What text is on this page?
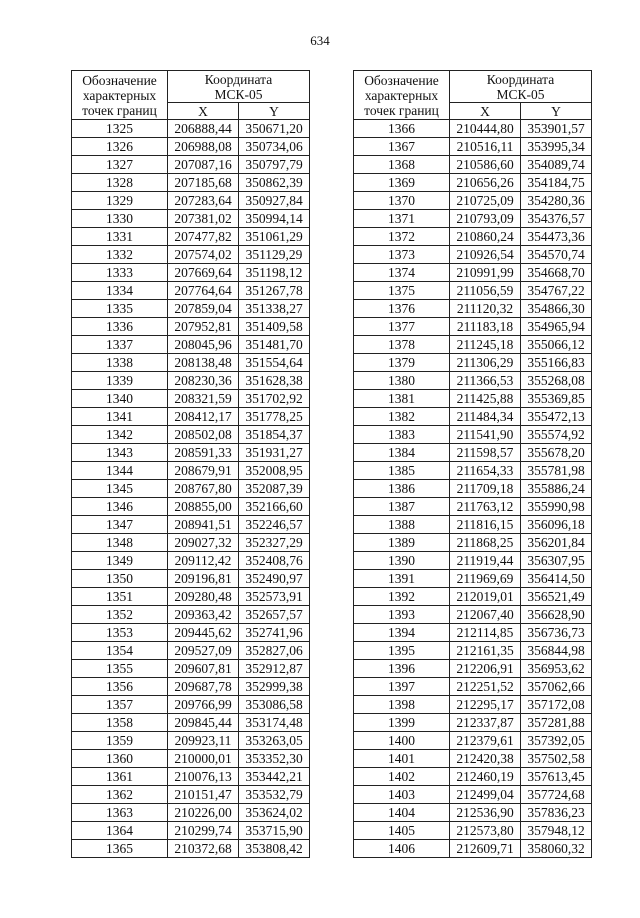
634
Обозначение
характерных
точек границ	Координата
МСК-05	
	X	Y
1325	206888,44	350671,20
1326	206988,08	350734,06
1327	207087,16	350797,79
1328	207185,68	350862,39
1329	207283,64	350927,84
1330	207381,02	350994,14
1331	207477,82	351061,29
1332	207574,02	351129,29
1333	207669,64	351198,12
1334	207764,64	351267,78
1335	207859,04	351338,27
1336	207952,81	351409,58
1337	208045,96	351481,70
1338	208138,48	351554,64
1339	208230,36	351628,38
1340	208321,59	351702,92
1341	208412,17	351778,25
1342	208502,08	351854,37
1343	208591,33	351931,27
1344	208679,91	352008,95
1345	208767,80	352087,39
1346	208855,00	352166,60
1347	208941,51	352246,57
1348	209027,32	352327,29
1349	209112,42	352408,76
1350	209196,81	352490,97
1351	209280,48	352573,91
1352	209363,42	352657,57
1353	209445,62	352741,96
1354	209527,09	352827,06
1355	209607,81	352912,87
1356	209687,78	352999,38
1357	209766,99	353086,58
1358	209845,44	353174,48
1359	209923,11	353263,05
1360	210000,01	353352,30
1361	210076,13	353442,21
1362	210151,47	353532,79
1363	210226,00	353624,02
1364	210299,74	353715,90
1365	210372,68	353808,42
Обозначение
характерных
точек границ	Координата
МСК-05	
	X	Y
1366	210444,80	353901,57
1367	210516,11	353995,34
1368	210586,60	354089,74
1369	210656,26	354184,75
1370	210725,09	354280,36
1371	210793,09	354376,57
1372	210860,24	354473,36
1373	210926,54	354570,74
1374	210991,99	354668,70
1375	211056,59	354767,22
1376	211120,32	354866,30
1377	211183,18	354965,94
1378	211245,18	355066,12
1379	211306,29	355166,83
1380	211366,53	355268,08
1381	211425,88	355369,85
1382	211484,34	355472,13
1383	211541,90	355574,92
1384	211598,57	355678,20
1385	211654,33	355781,98
1386	211709,18	355886,24
1387	211763,12	355990,98
1388	211816,15	356096,18
1389	211868,25	356201,84
1390	211919,44	356307,95
1391	211969,69	356414,50
1392	212019,01	356521,49
1393	212067,40	356628,90
1394	212114,85	356736,73
1395	212161,35	356844,98
1396	212206,91	356953,62
1397	212251,52	357062,66
1398	212295,17	357172,08
1399	212337,87	357281,88
1400	212379,61	357392,05
1401	212420,38	357502,58
1402	212460,19	357613,45
1403	212499,04	357724,68
1404	212536,90	357836,23
1405	212573,80	357948,12
1406	212609,71	358060,32
